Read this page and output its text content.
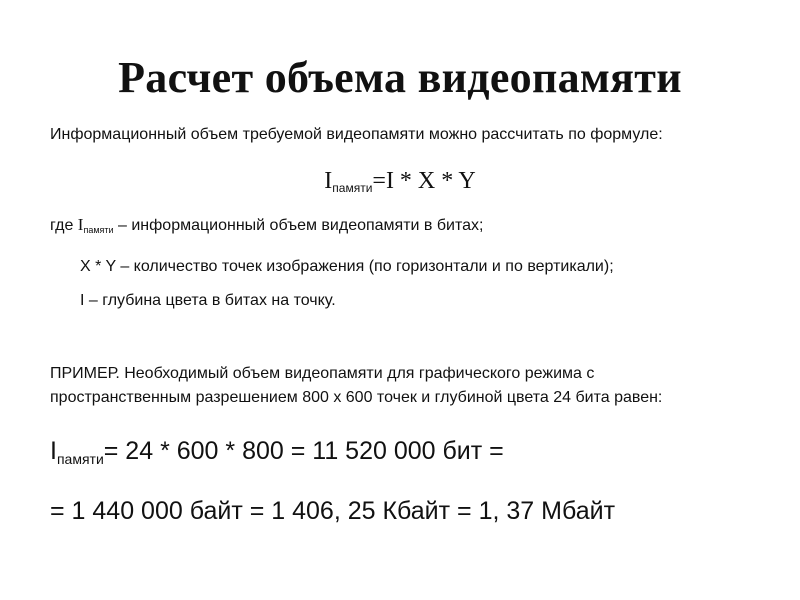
Расчет объема видеопамяти
Информационный объем требуемой видеопамяти можно рассчитать по формуле:
$I_{памяти}=I * X * Y$
где $I_{памяти}$ – информационный объем видеопамяти в битах;
X * Y – количество точек изображения (по горизонтали и по вертикали);
I – глубина цвета в битах на точку.
ПРИМЕР. Необходимый объем видеопамяти для графического режима с
пространственным разрешением 800 х 600 точек и глубиной цвета 24 бита равен:
$I_{памяти}= 24 * 600 * 800 = 11$ 520 000 бит =
= 1 440 000 байт = 1 406, 25 Кбайт = 1, 37 Мбайт
